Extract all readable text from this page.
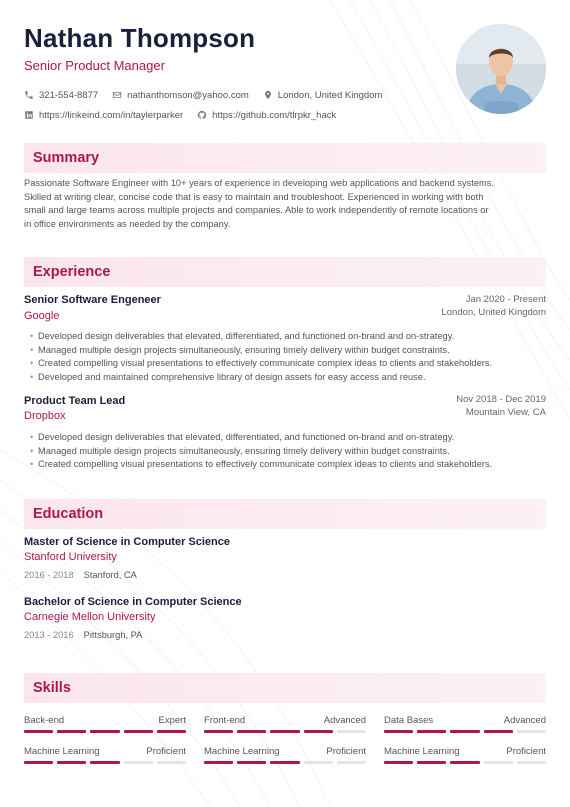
Nathan Thompson
Senior Product Manager
321-554-8877	nathanthomson@yahoo.com	London, United Kingdom
https://linkeind.com/in/taylerparker	https://github.com/tlrpkr_hack
Summary
Passionate Software Engineer with 10+ years of experience in developing web applications and backend systems.
Skilled at writing clear, concise code that is easy to maintain and troubleshoot. Experienced in working with both
small and large teams across multiple projects and companies. Able to work independently of remote locations or
in office environments as needed by the company.
Experience
Senior Software Engeneer
Google
Jan 2020 - Present
London, United Kingdom
• Developed design deliverables that elevated, differentiated, and functioned on-brand and on-strategy.
• Managed multiple design projects simultaneously, ensuring timely delivery within budget constraints.
• Created compelling visual presentations to effectively communicate complex ideas to clients and stakeholders.
• Developed and maintained comprehensive library of design assets for easy access and reuse.
Product Team Lead
Dropbox
Nov 2018 - Dec 2019
Mountain View, CA
• Developed design deliverables that elevated, differentiated, and functioned on-brand and on-strategy.
• Managed multiple design projects simultaneously, ensuring timely delivery within budget constraints.
• Created compelling visual presentations to effectively communicate complex ideas to clients and stakeholders.
Education
Master of Science in Computer Science
Stanford University
2016 - 2018 Stanford, CA
Bachelor of Science in Computer Science
Carnegie Mellon University
2013 - 2016 Pittsburgh, PA
Skills
Back-end	Expert Front-end	Advanced Data Bases	Advanced
Machine Learning	Proficient Machine Learning	Proficient Machine Learning	Proficient
